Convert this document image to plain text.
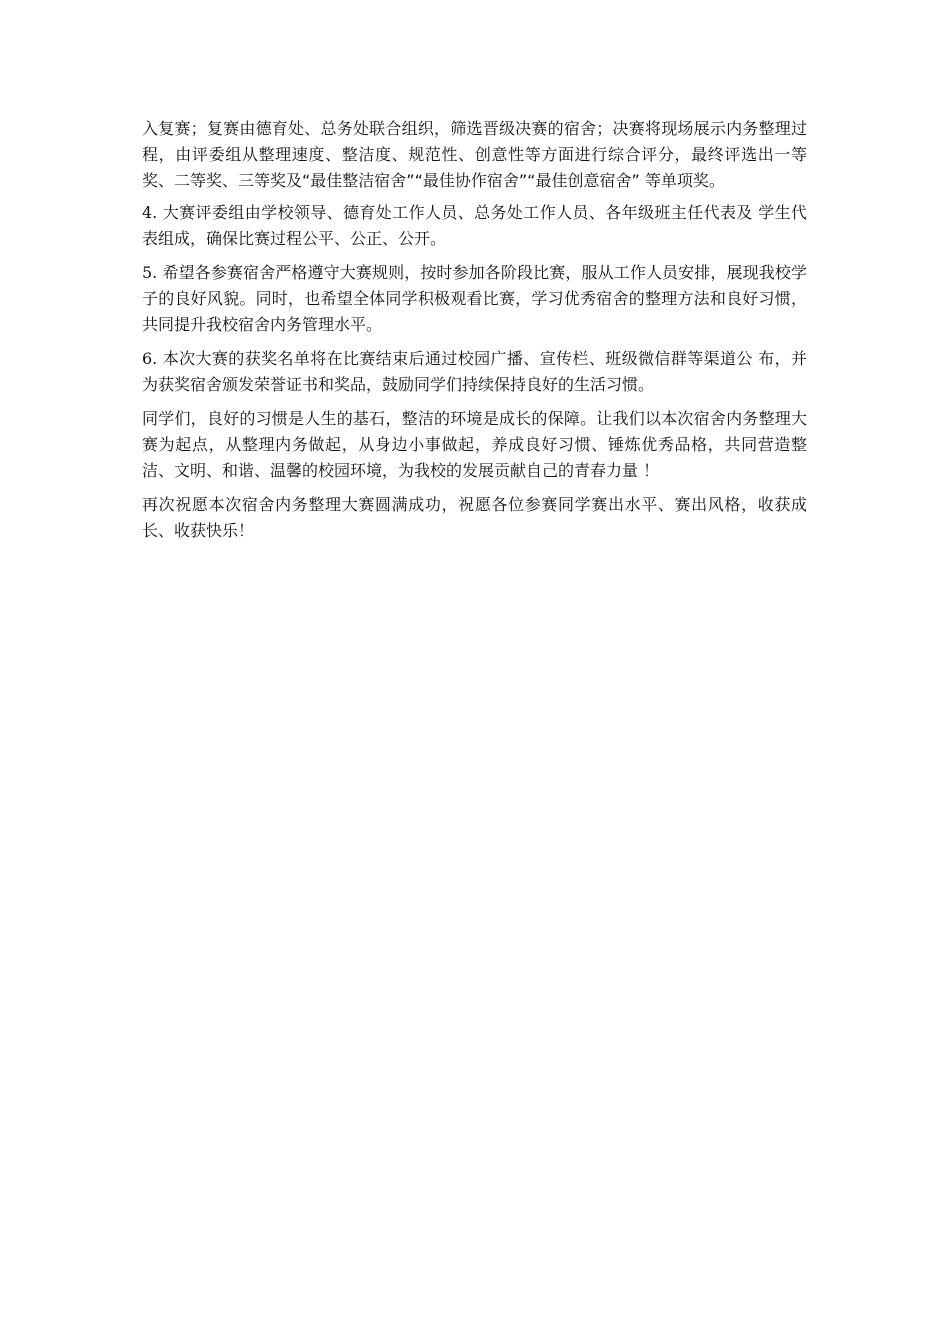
入复赛；复赛由德育处、总务处联合组织，筛选晋级决赛的宿舍；决赛将现场展示内务整理过程，由评委组从整理速度、整洁度、规范性、创意性等方面进行综合评分，最终评选出一等奖、二等奖、三等奖及“最佳整洁宿舍”“最佳协作宿舍”“最佳创意宿舍” 等单项奖。

4. 大赛评委组由学校领导、德育处工作人员、总务处工作人员、各年级班主任代表及 学生代表组成，确保比赛过程公平、公正、公开。

5. 希望各参赛宿舍严格遵守大赛规则，按时参加各阶段比赛，服从工作人员安排，展现我校学子的良好风貌。同时，也希望全体同学积极观看比赛，学习优秀宿舍的整理方法和良好习惯，共同提升我校宿舍内务管理水平。

6. 本次大赛的获奖名单将在比赛结束后通过校园广播、宣传栏、班级微信群等渠道公 布，并为获奖宿舍颁发荣誉证书和奖品，鼓励同学们持续保持良好的生活习惯。

同学们，良好的习惯是人生的基石，整洁的环境是成长的保障。让我们以本次宿舍内务整理大赛为起点，从整理内务做起，从身边小事做起，养成良好习惯、锤炼优秀品格，共同营造整洁、文明、和谐、温馨的校园环境，为我校的发展贡献自己的青春力量 ！

再次祝愿本次宿舍内务整理大赛圆满成功，祝愿各位参赛同学赛出水平、赛出风格，收获成长、收获快乐！
